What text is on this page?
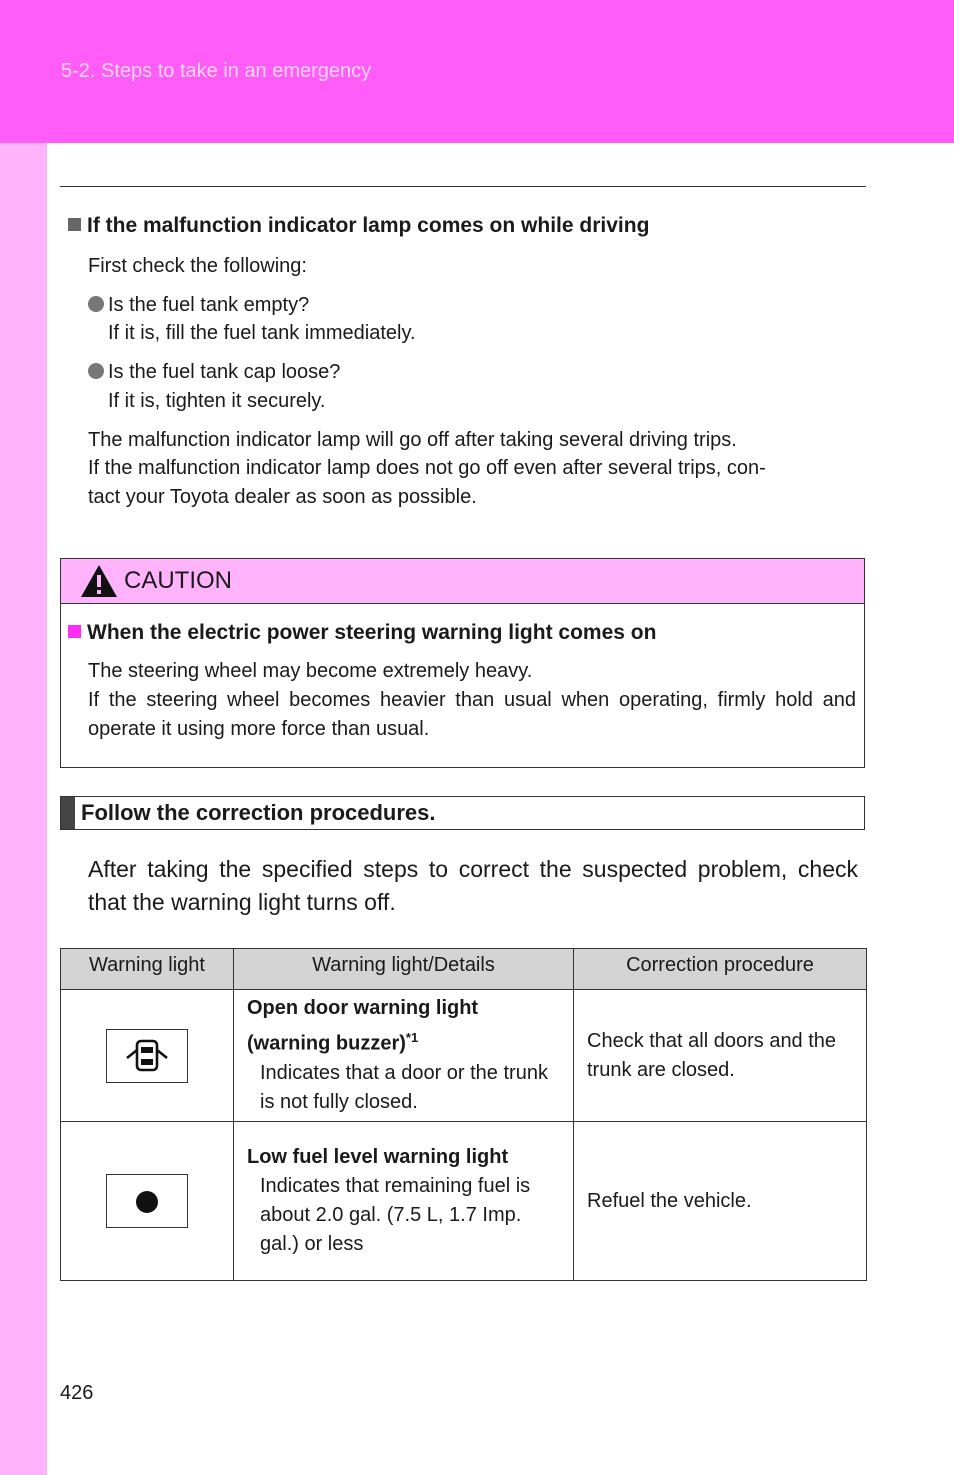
5-2. Steps to take in an emergency
If the malfunction indicator lamp comes on while driving
First check the following:
Is the fuel tank empty?
If it is, fill the fuel tank immediately.
Is the fuel tank cap loose?
If it is, tighten it securely.
The malfunction indicator lamp will go off after taking several driving trips.
If the malfunction indicator lamp does not go off even after several trips, con-
tact your Toyota dealer as soon as possible.
CAUTION
When the electric power steering warning light comes on
The steering wheel may become extremely heavy.
If the steering wheel becomes heavier than usual when operating, firmly hold and operate it using more force than usual.
Follow the correction procedures.
After taking the specified steps to correct the suspected problem, check that the warning light turns off.
Warning light	Warning light/Details	Correction procedure

Open door warning light (warning buzzer)$^{*1}$
Indicates that a door or the trunk is not fully closed.	Check that all doors and the trunk are closed.

Low fuel level warning light
Indicates that remaining fuel is about 2.0 gal. (7.5 L, 1.7 Imp. gal.) or less	Refuel the vehicle.
426
